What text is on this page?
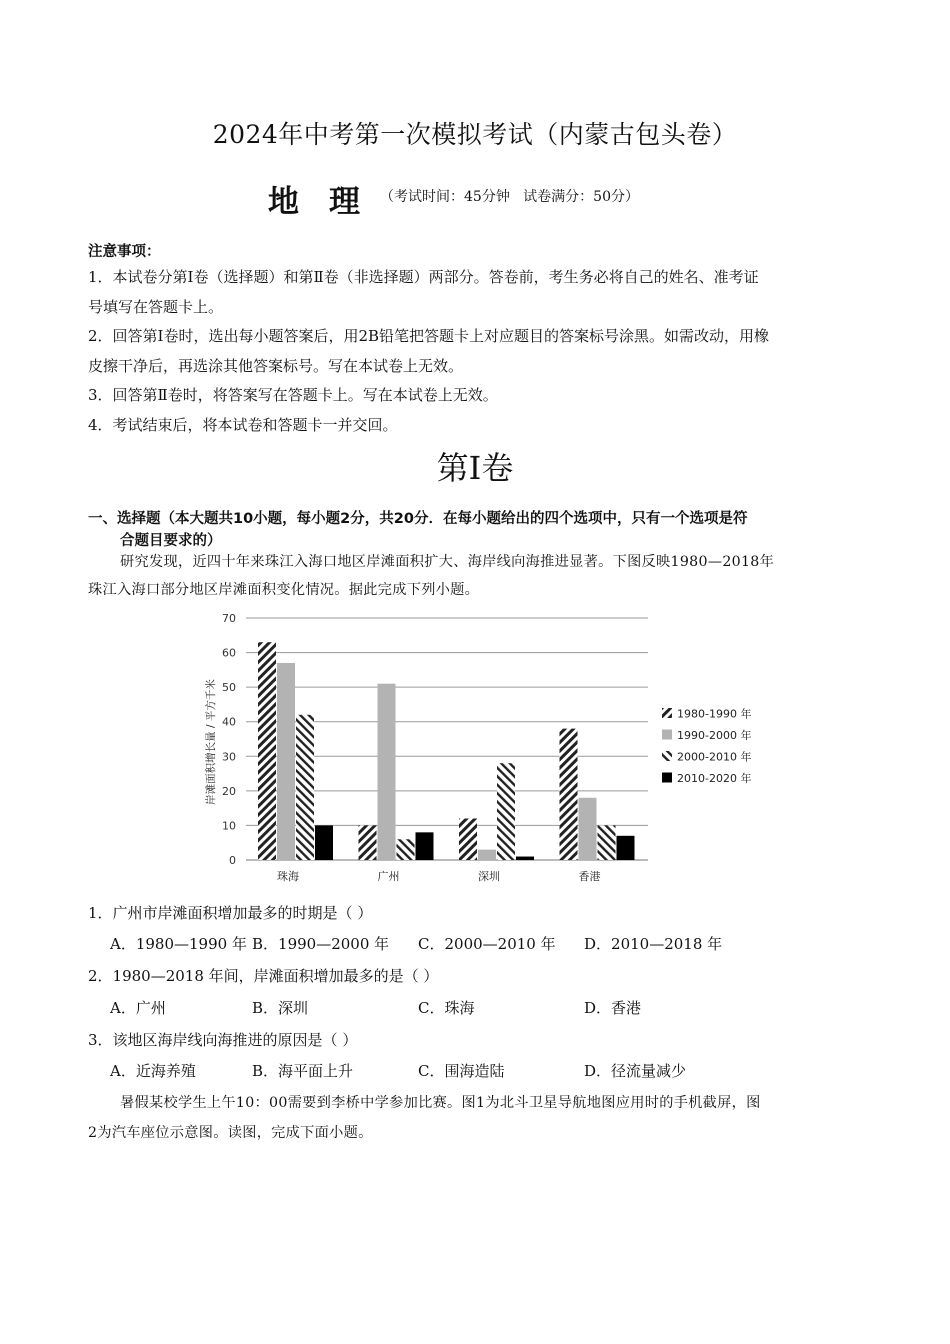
2024年中考第一次模拟考试（内蒙古包头卷）
地 理 （考试时间：45分钟   试卷满分：50分）
注意事项：
1．本试卷分第Ⅰ卷（选择题）和第Ⅱ卷（非选择题）两部分。答卷前，考生务必将自己的姓名、准考证
号填写在答题卡上。
2．回答第Ⅰ卷时，选出每小题答案后，用2B铅笔把答题卡上对应题目的答案标号涂黑。如需改动，用橡
皮擦干净后，再选涂其他答案标号。写在本试卷上无效。
3．回答第Ⅱ卷时，将答案写在答题卡上。写在本试卷上无效。
4．考试结束后，将本试卷和答题卡一并交回。
第Ⅰ卷
一、选择题（本大题共10小题，每小题2分，共20分．在每小题给出的四个选项中，只有一个选项是符
合题目要求的）
研究发现，近四十年来珠江入海口地区岸滩面积扩大、海岸线向海推进显著。下图反映1980—2018年
珠江入海口部分地区岸滩面积变化情况。据此完成下列小题。
0
10
20
30
40
50
60
70
珠海	广州	深圳	香港
岸滩面积增长量 / 平方千米	1980-1990 年
1990-2000 年
2000-2010 年
2010-2020 年
1．广州市岸滩面积增加最多的时期是（ ）
A．1980—1990 年 B．1990—2000 年 C．2000—2010 年 D．2010—2018 年
2．1980—2018 年间，岸滩面积增加最多的是（ ）
A．广州	B．深圳	C．珠海	D．香港
3．该地区海岸线向海推进的原因是（ ）
A．近海养殖	B．海平面上升	C．围海造陆	D．径流量减少
暑假某校学生上午10：00需要到李桥中学参加比赛。图1为北斗卫星导航地图应用时的手机截屏，图
2为汽车座位示意图。读图，完成下面小题。
